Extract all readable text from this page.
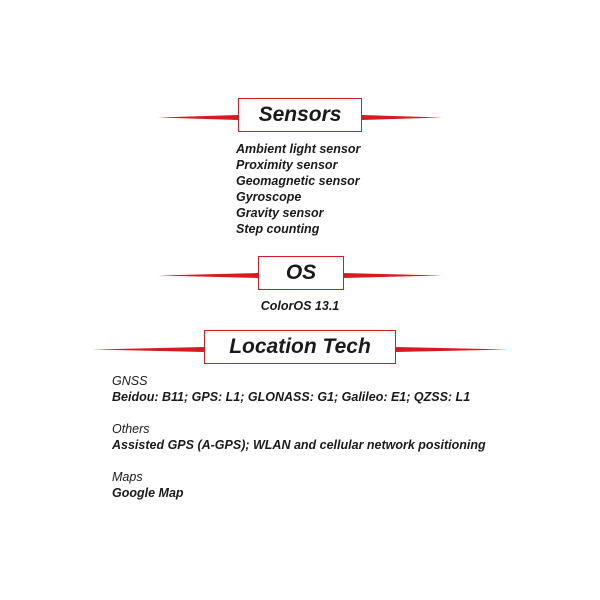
Sensors
Ambient light sensor
Proximity sensor
Geomagnetic sensor
Gyroscope
Gravity sensor
Step counting
OS
ColorOS 13.1
Location Tech
GNSS
Beidou: B11; GPS: L1; GLONASS: G1; Galileo: E1; QZSS: L1
Others
Assisted GPS (A-GPS); WLAN and cellular network positioning
Maps
Google Map
